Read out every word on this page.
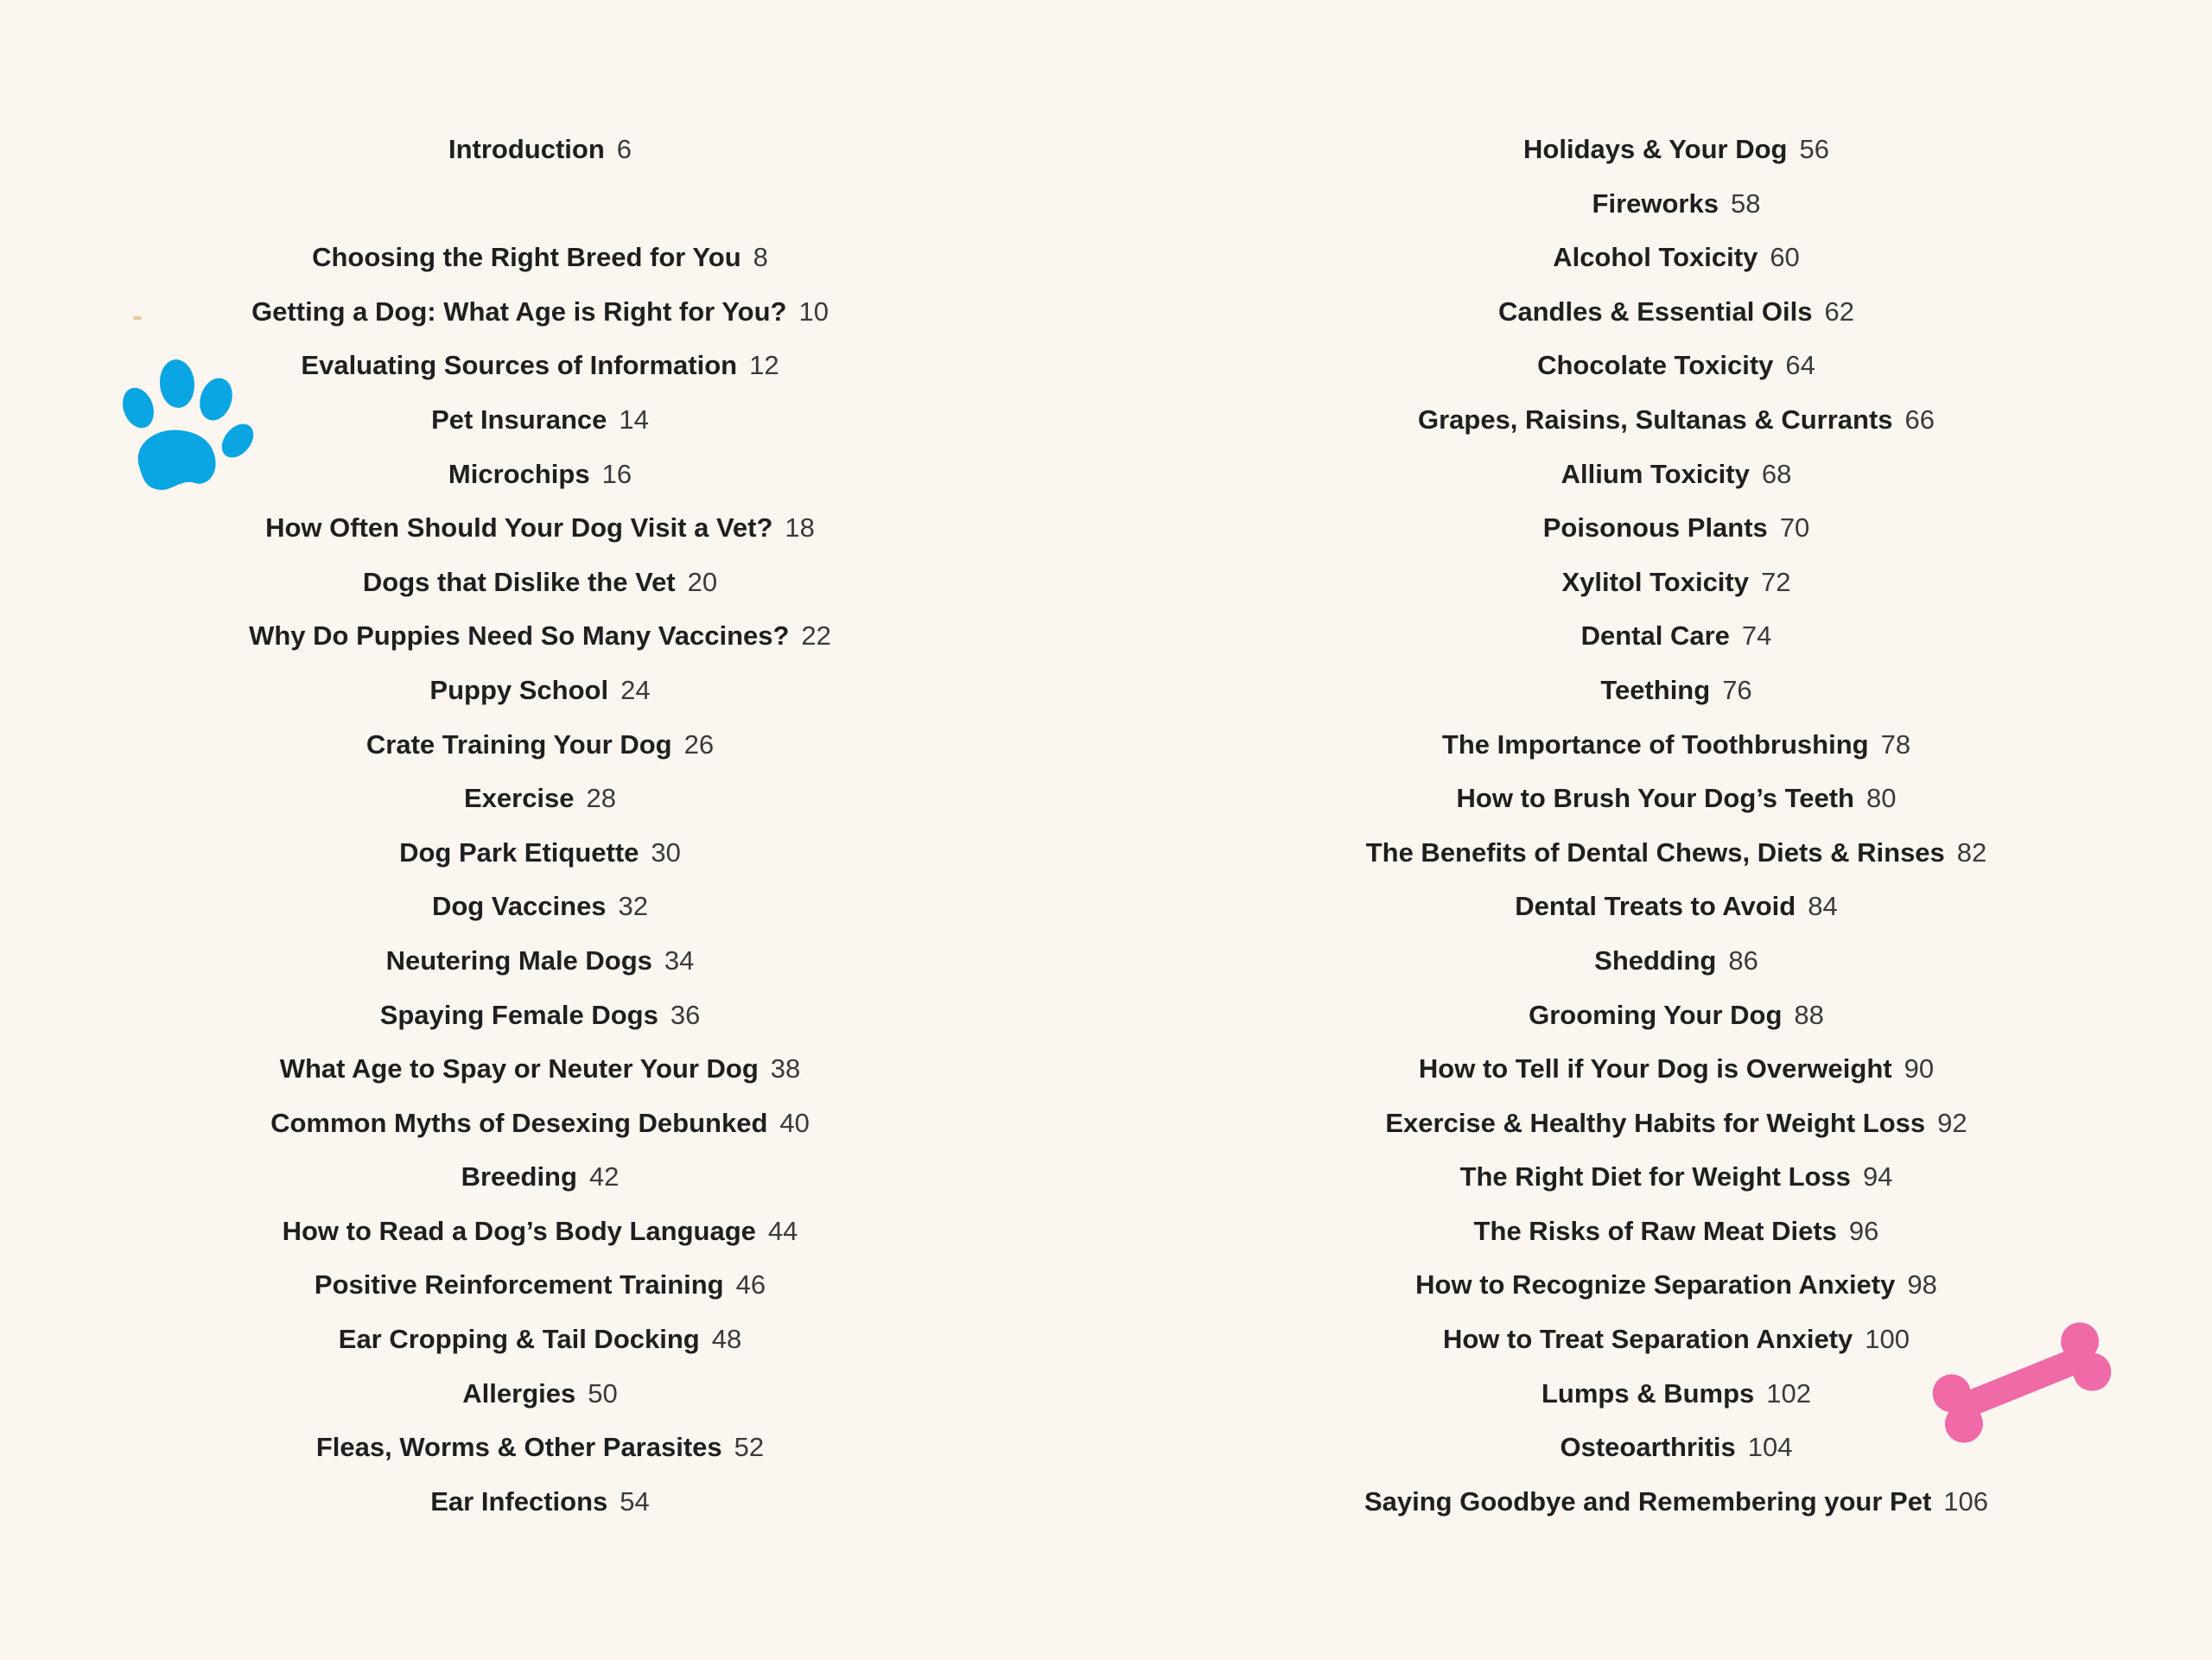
Introduction 6
Choosing the Right Breed for You 8
Getting a Dog: What Age is Right for You? 10
Evaluating Sources of Information 12
Pet Insurance 14
Microchips 16
How Often Should Your Dog Visit a Vet? 18
Dogs that Dislike the Vet 20
Why Do Puppies Need So Many Vaccines? 22
Puppy School 24
Crate Training Your Dog 26
Exercise 28
Dog Park Etiquette 30
Dog Vaccines 32
Neutering Male Dogs 34
Spaying Female Dogs 36
What Age to Spay or Neuter Your Dog 38
Common Myths of Desexing Debunked 40
Breeding 42
How to Read a Dog’s Body Language 44
Positive Reinforcement Training 46
Ear Cropping & Tail Docking 48
Allergies 50
Fleas, Worms & Other Parasites 52
Ear Infections 54
Holidays & Your Dog 56
Fireworks 58
Alcohol Toxicity 60
Candles & Essential Oils 62
Chocolate Toxicity 64
Grapes, Raisins, Sultanas & Currants 66
Allium Toxicity 68
Poisonous Plants 70
Xylitol Toxicity 72
Dental Care 74
Teething 76
The Importance of Toothbrushing 78
How to Brush Your Dog’s Teeth 80
The Benefits of Dental Chews, Diets & Rinses 82
Dental Treats to Avoid 84
Shedding 86
Grooming Your Dog 88
How to Tell if Your Dog is Overweight 90
Exercise & Healthy Habits for Weight Loss 92
The Right Diet for Weight Loss 94
The Risks of Raw Meat Diets 96
How to Recognize Separation Anxiety 98
How to Treat Separation Anxiety 100
Lumps & Bumps 102
Osteoarthritis 104
Saying Goodbye and Remembering your Pet 106
